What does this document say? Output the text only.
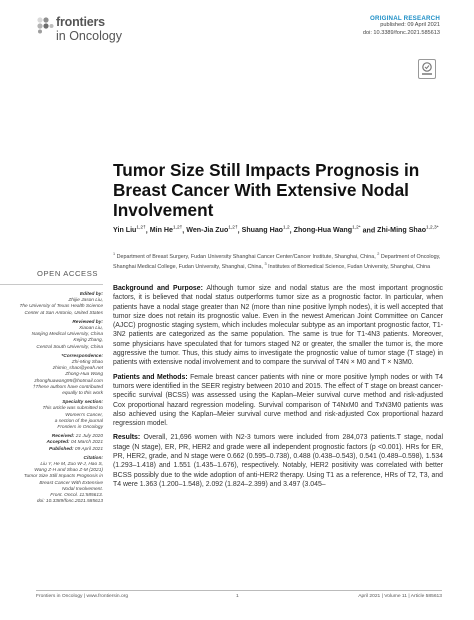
frontiers
in Oncology
ORIGINAL RESEARCH
published: 09 April 2021
doi: 10.3389/fonc.2021.585613
Tumor Size Still Impacts Prognosis in Breast Cancer With Extensive Nodal Involvement
Yin Liu$^{1,2\dagger}$, Min $He^{1,2\dagger}$, Wen-Jia Zuo$^{1,2\dagger}$, Shuang Hao$^{1,2}$, Zhong-Hua Wang$^{1,2*}$ and Zhi-Ming Shao$^{1,2,3*}$
$^1$ Department of Breast Surgery, Fudan University Shanghai Cancer Center/Cancer Institute, Shanghai, China, $^2$ Department of Oncology, Shanghai Medical College, Fudan University, Shanghai, China, $^3$ Institutes of Biomedical Science, Fudan University, Shanghai, China
OPEN ACCESS
Edited by:
Zhijie Jason Liu,
The University of Texas Health Science
Center at San Antonio, United States
Reviewed by:
Xiaoan Liu,
Nanjing Medical University, China
Kejing Zhang,
Central South University, China
*Correspondence:
Zhi-Ming Shao
zhimin_shao@yeah.net
Zhong-Hua Wang
zhonghuawang95@hotmail.com
†These authors have contributed
equally to this work
Specialty section:
This article was submitted to
Women's Cancer,
a section of the journal
Frontiers in Oncology
Received: 21 July 2020
Accepted: 04 March 2021
Published: 09 April 2021
Citation:
Liu Y, He M, Zuo W-J, Hao S,
Wang Z-H and Shao Z-M (2021)
Tumor Size Still Impacts Prognosis in
Breast Cancer With Extensive
Nodal Involvement.
Front. Oncol. 11:585613.
doi: 10.3389/fonc.2021.585613

Background and Purpose: Although tumor size and nodal status are the most important prognostic factors, it is believed that nodal status outperforms tumor size as a prognostic factor. In particular, when patients have a nodal stage greater than N2 (more than nine positive lymph nodes), it is well accepted that tumor size does not retain its prognostic value. Even in the newest American Joint Committee on Cancer (AJCC) prognostic staging system, which includes molecular subtype as an important prognostic factor, T1-3N2 patients are categorized as the same population. The same is true for T1-4N3 patients. Moreover, some physicians have speculated that for tumors staged N2 or greater, the smaller the tumor is, the more aggressive the tumor. Thus, this study aims to investigate the prognostic value of tumor stage (T stage) in patients with extensive nodal involvement and to compare the survival of T4N × M0 and T × N3M0.

Patients and Methods: Female breast cancer patients with nine or more positive lymph nodes or with T4 tumors were identified in the SEER registry between 2010 and 2015. The effect of T stage on breast cancer-specific survival (BCSS) was assessed using the Kaplan–Meier survival curve method and risk-adjusted Cox proportional hazard regression modeling. Survival comparison of T4NxM0 and TxN3M0 patients was also achieved using the Kaplan–Meier survival curve method and risk-adjusted Cox proportional hazard regression model.

Results: Overall, 21,696 women with N2-3 tumors were included from 284,073 patients.T stage, nodal stage (N stage), ER, PR, HER2 and grade were all independent prognostic factors (p <0.001). HRs for ER, PR, HER2, grade, and N stage were 0.662 (0.595–0.738), 0.488 (0.438–0.543), 0.541 (0.489–0.598), 1.534 (1.293–1.418) and 1.551 (1.435–1.676), respectively. Notably, HER2 positivity was correlated with better BCSS possibly due to the wide adoption of anti-HER2 therapy. Using T1 as a reference, HRs of T2, T3, and T4 were 1.363 (1.200–1.548), 2.092 (1.824–2.399) and 3.497 (3.045–

Frontiers in Oncology | www.frontiersin.org	1	April 2021 | Volume 11 | Article 585613
